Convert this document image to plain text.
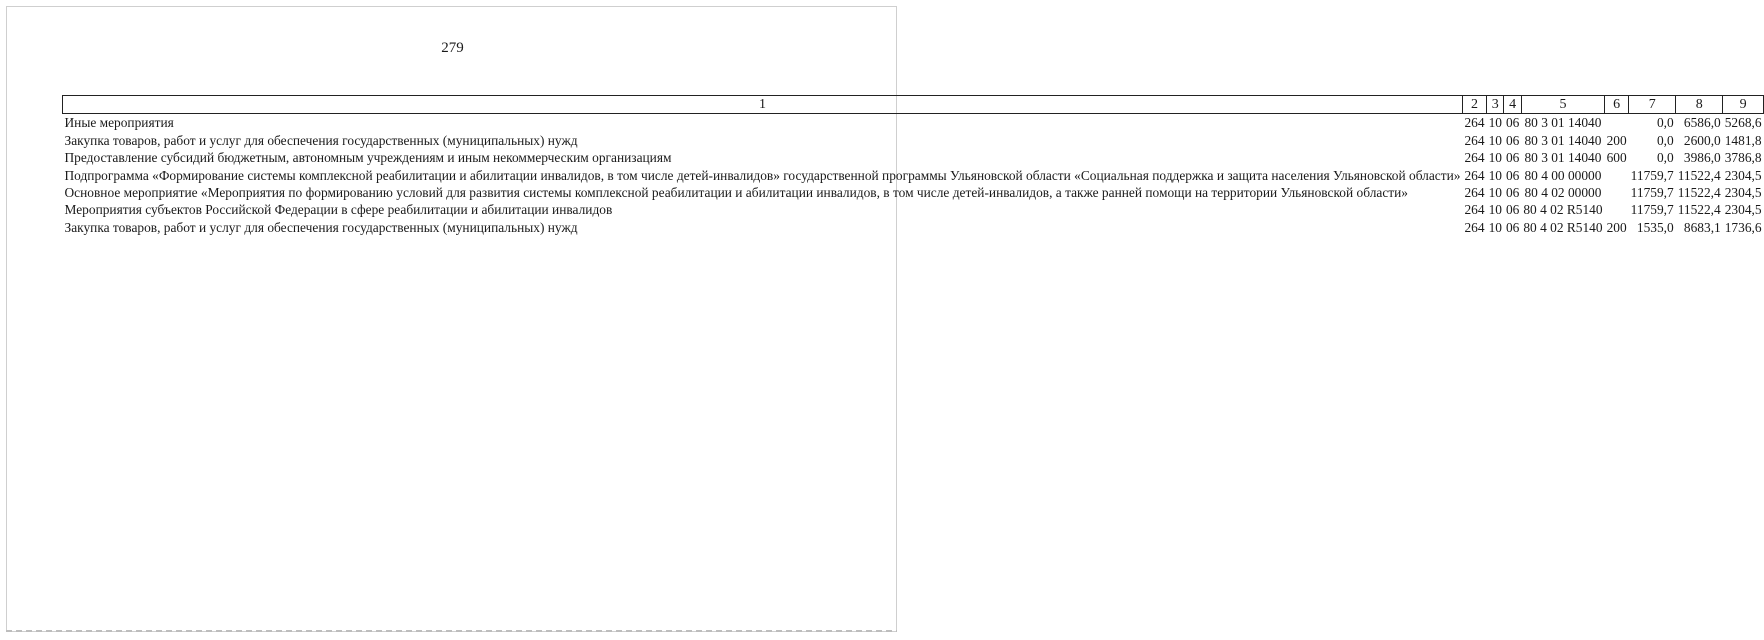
279
1	2	3	4	5	6	7	8	9
Иные мероприятия	264	10	06	80 3 01 14040		0,0	6586,0	5268,6
Закупка товаров, работ и услуг для обеспечения государственных (муниципальных) нужд	264	10	06	80 3 01 14040	200	0,0	2600,0	1481,8
Предоставление субсидий бюджетным, автономным учреждениям и иным некоммерческим организациям	264	10	06	80 3 01 14040	600	0,0	3986,0	3786,8
Подпрограмма «Формирование системы комплексной реабилитации и абилитации инвалидов, в том числе детей-инвалидов» государственной программы Ульяновской области «Социальная поддержка и защита населения Ульяновской области»	264	10	06	80 4 00 00000		11759,7	11522,4	2304,5
Основное мероприятие «Мероприятия по формированию условий для развития системы комплексной реабилитации и абилитации инвалидов, в том числе детей-инвалидов, а также ранней помощи на территории Ульяновской области»	264	10	06	80 4 02 00000		11759,7	11522,4	2304,5
Мероприятия субъектов Российской Федерации в сфере реабилитации и абилитации инвалидов	264	10	06	80 4 02 R5140		11759,7	11522,4	2304,5
Закупка товаров, работ и услуг для обеспечения государственных (муниципальных) нужд	264	10	06	80 4 02 R5140	200	1535,0	8683,1	1736,6
